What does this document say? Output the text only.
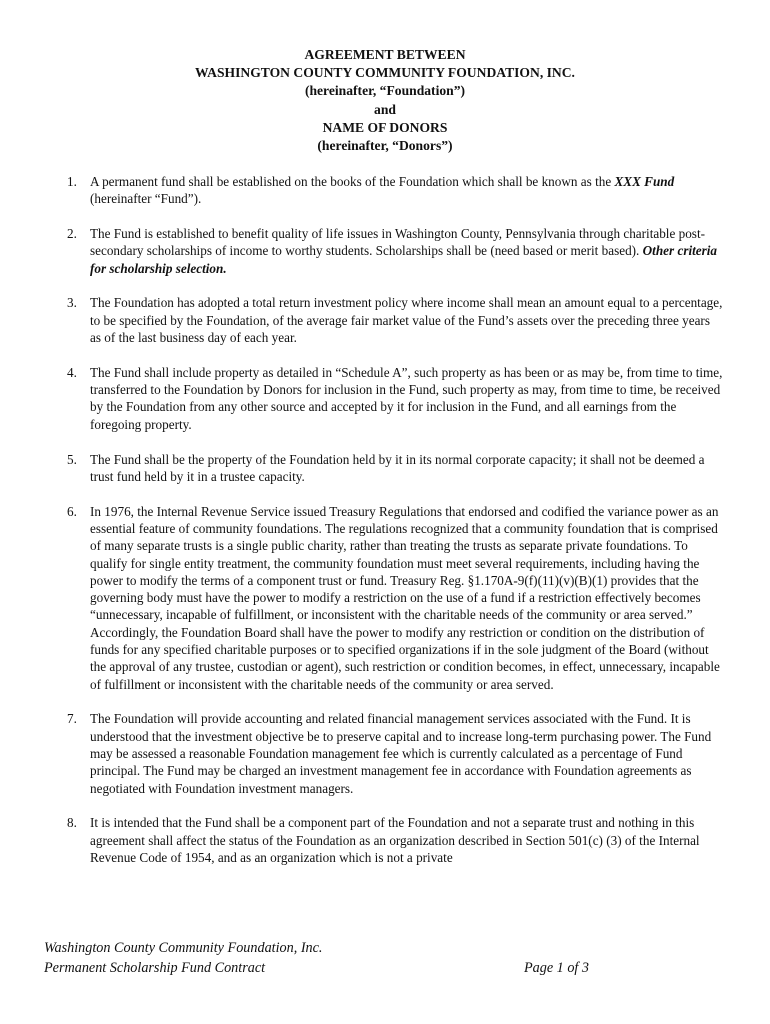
AGREEMENT BETWEEN
WASHINGTON COUNTY COMMUNITY FOUNDATION, INC.
(hereinafter, “Foundation”)
and
NAME OF DONORS
(hereinafter, “Donors”)
1. A permanent fund shall be established on the books of the Foundation which shall be known as the XXX Fund (hereinafter “Fund”).
2. The Fund is established to benefit quality of life issues in Washington County, Pennsylvania through charitable post-secondary scholarships of income to worthy students. Scholarships shall be (need based or merit based). Other criteria for scholarship selection.
3. The Foundation has adopted a total return investment policy where income shall mean an amount equal to a percentage, to be specified by the Foundation, of the average fair market value of the Fund’s assets over the preceding three years as of the last business day of each year.
4. The Fund shall include property as detailed in “Schedule A”, such property as has been or as may be, from time to time, transferred to the Foundation by Donors for inclusion in the Fund, such property as may, from time to time, be received by the Foundation from any other source and accepted by it for inclusion in the Fund, and all earnings from the foregoing property.
5. The Fund shall be the property of the Foundation held by it in its normal corporate capacity; it shall not be deemed a trust fund held by it in a trustee capacity.
6. In 1976, the Internal Revenue Service issued Treasury Regulations that endorsed and codified the variance power as an essential feature of community foundations. The regulations recognized that a community foundation that is comprised of many separate trusts is a single public charity, rather than treating the trusts as separate private foundations. To qualify for single entity treatment, the community foundation must meet several requirements, including having the power to modify the terms of a component trust or fund. Treasury Reg. §1.170A-9(f)(11)(v)(B)(1) provides that the governing body must have the power to modify a restriction on the use of a fund if a restriction effectively becomes “unnecessary, incapable of fulfillment, or inconsistent with the charitable needs of the community or area served.” Accordingly, the Foundation Board shall have the power to modify any restriction or condition on the distribution of funds for any specified charitable purposes or to specified organizations if in the sole judgment of the Board (without the approval of any trustee, custodian or agent), such restriction or condition becomes, in effect, unnecessary, incapable of fulfillment or inconsistent with the charitable needs of the community or area served.
7. The Foundation will provide accounting and related financial management services associated with the Fund. It is understood that the investment objective be to preserve capital and to increase long-term purchasing power. The Fund may be assessed a reasonable Foundation management fee which is currently calculated as a percentage of Fund principal. The Fund may be charged an investment management fee in accordance with Foundation agreements as negotiated with Foundation investment managers.
8. It is intended that the Fund shall be a component part of the Foundation and not a separate trust and nothing in this agreement shall affect the status of the Foundation as an organization described in Section 501(c) (3) of the Internal Revenue Code of 1954, and as an organization which is not a private
Washington County Community Foundation, Inc.
Permanent Scholarship Fund Contract	Page 1 of 3
